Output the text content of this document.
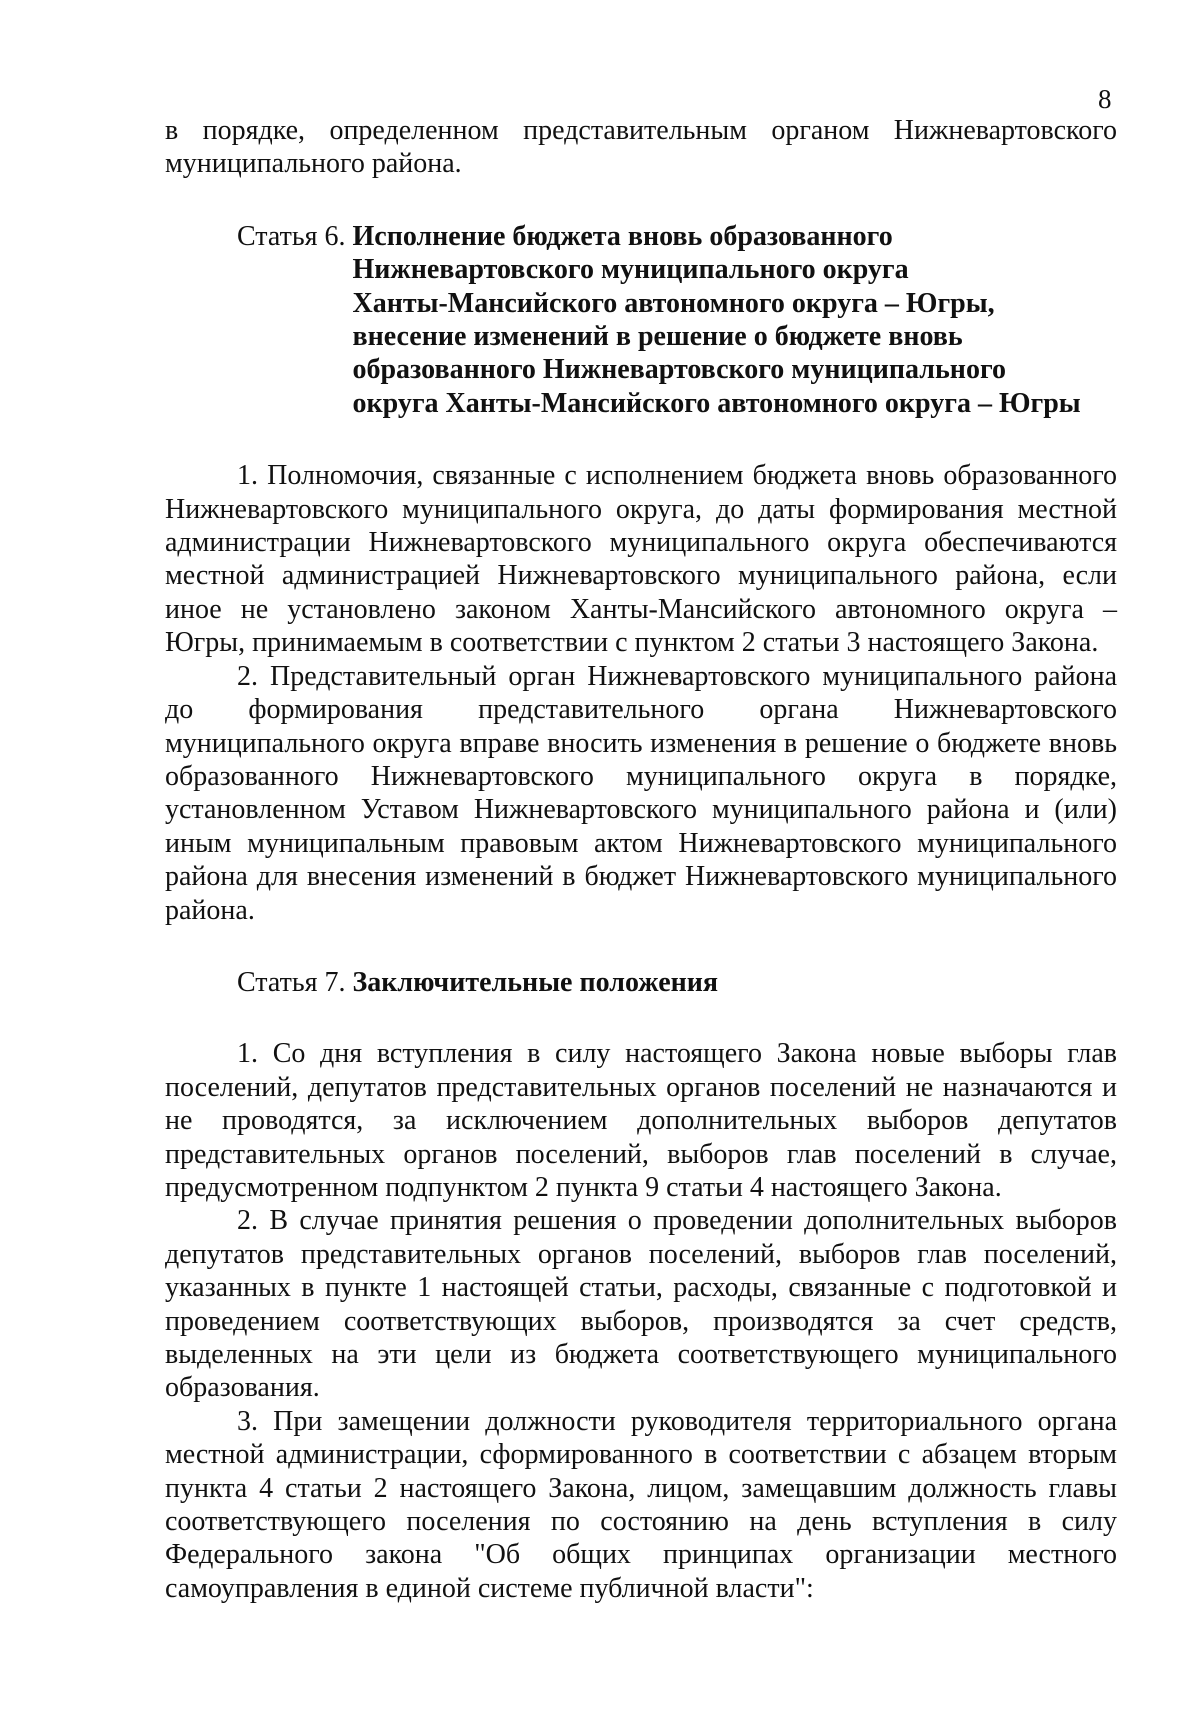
8

в порядке, определенном представительным органом Нижневартовского муниципального района.

Статья 6. Исполнение бюджета вновь образованного
Нижневартовского муниципального округа
Ханты-Мансийского автономного округа – Югры,
внесение изменений в решение о бюджете вновь
образованного Нижневартовского муниципального
округа Ханты-Мансийского автономного округа – Югры

1. Полномочия, связанные с исполнением бюджета вновь образованного Нижневартовского муниципального округа, до даты формирования местной администрации Нижневартовского муниципального округа обеспечиваются местной администрацией Нижневартовского муниципального района, если иное не установлено законом Ханты-Мансийского автономного округа – Югры, принимаемым в соответствии с пунктом 2 статьи 3 настоящего Закона.

2. Представительный орган Нижневартовского муниципального района до формирования представительного органа Нижневартовского муниципального округа вправе вносить изменения в решение о бюджете вновь образованного Нижневартовского муниципального округа в порядке, установленном Уставом Нижневартовского муниципального района и (или) иным муниципальным правовым актом Нижневартовского муниципального района для внесения изменений в бюджет Нижневартовского муниципального района.

Статья 7. Заключительные положения

1. Со дня вступления в силу настоящего Закона новые выборы глав поселений, депутатов представительных органов поселений не назначаются и не проводятся, за исключением дополнительных выборов депутатов представительных органов поселений, выборов глав поселений в случае, предусмотренном подпунктом 2 пункта 9 статьи 4 настоящего Закона.

2. В случае принятия решения о проведении дополнительных выборов депутатов представительных органов поселений, выборов глав поселений, указанных в пункте 1 настоящей статьи, расходы, связанные с подготовкой и проведением соответствующих выборов, производятся за счет средств, выделенных на эти цели из бюджета соответствующего муниципального образования.

3. При замещении должности руководителя территориального органа местной администрации, сформированного в соответствии с абзацем вторым пункта 4 статьи 2 настоящего Закона, лицом, замещавшим должность главы соответствующего поселения по состоянию на день вступления в силу Федерального закона "Об общих принципах организации местного самоуправления в единой системе публичной власти":
